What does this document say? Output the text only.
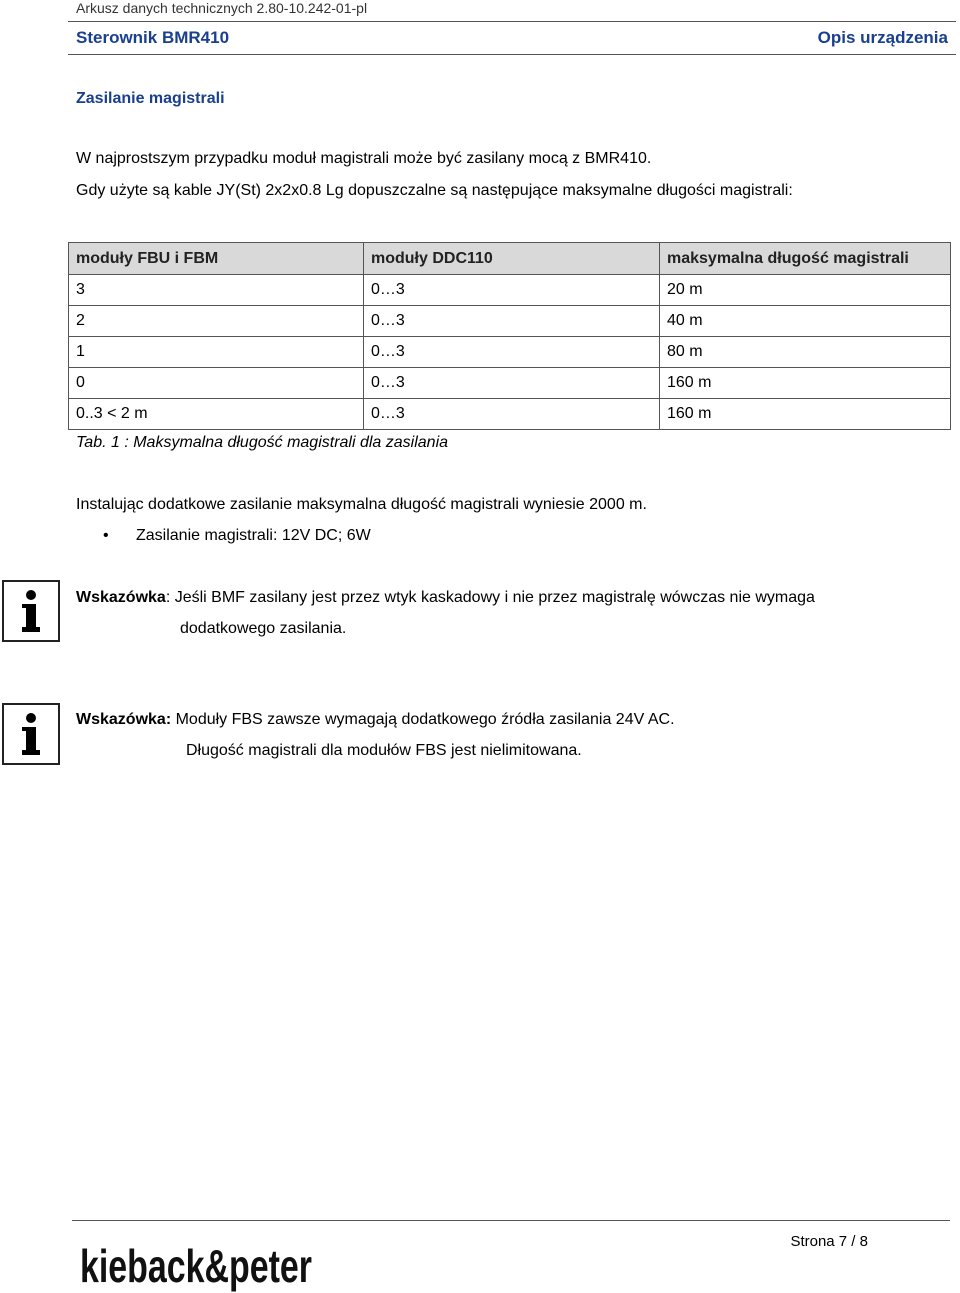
Arkusz danych technicznych 2.80-10.242-01-pl
Sterownik BMR410	Opis urządzenia
Zasilanie magistrali
W najprostszym przypadku moduł magistrali może być zasilany mocą z BMR410.
Gdy użyte są kable JY(St) 2x2x0.8 Lg dopuszczalne są następujące maksymalne długości magistrali:
moduły FBU i FBM	moduły DDC110	maksymalna długość magistrali
3	0…3	20 m
2	0…3	40 m
1	0…3	80 m
0	0…3	160 m
0..3 < 2 m	0…3	160 m
Tab. 1 : Maksymalna długość magistrali dla zasilania
Instalując dodatkowe zasilanie maksymalna długość magistrali wyniesie 2000 m.
•	Zasilanie magistrali: 12V DC; 6W
Wskazówka: Jeśli BMF zasilany jest przez wtyk kaskadowy i nie przez magistralę wówczas nie wymaga
dodatkowego zasilania.
Wskazówka: Moduły FBS zawsze wymagają dodatkowego źródła zasilania 24V AC.
Długość magistrali dla modułów FBS jest nielimitowana.
Strona 7 / 8
kieback&peter
